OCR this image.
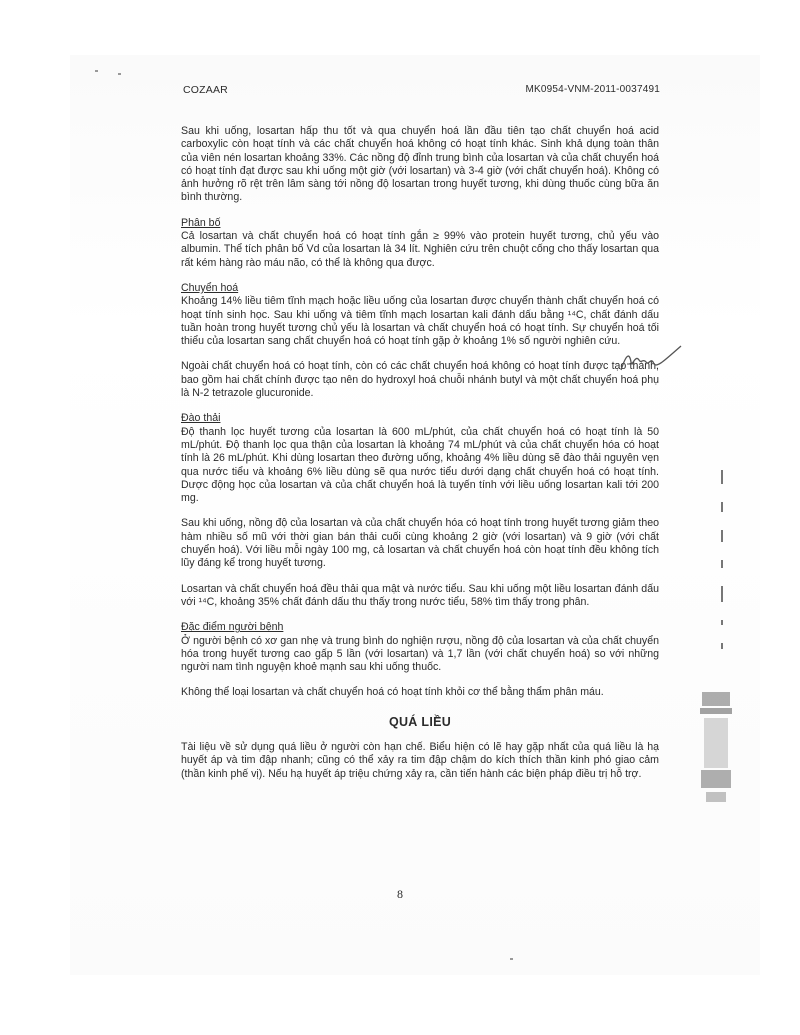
COZAAR	MK0954-VNM-2011-0037491

Sau khi uống, losartan hấp thu tốt và qua chuyển hoá lần đầu tiên tạo chất chuyển hoá acid carboxylic còn hoạt tính và các chất chuyển hoá không có hoạt tính khác. Sinh khả dụng toàn thân của viên nén losartan khoảng 33%. Các nồng độ đỉnh trung bình của losartan và của chất chuyển hoá có hoạt tính đạt được sau khi uống một giờ (với losartan) và 3-4 giờ (với chất chuyển hoá). Không có ảnh hưởng rõ rệt trên lâm sàng tới nồng độ losartan trong huyết tương, khi dùng thuốc cùng bữa ăn bình thường.

Phân bố

Cả losartan và chất chuyển hoá có hoạt tính gắn ≥ 99% vào protein huyết tương, chủ yếu vào albumin. Thể tích phân bố Vd của losartan là 34 lít. Nghiên cứu trên chuột cống cho thấy losartan qua rất kém hàng rào máu não, có thể là không qua được.

Chuyển hoá

Khoảng 14% liều tiêm tĩnh mạch hoặc liều uống của losartan được chuyển thành chất chuyển hoá có hoạt tính sinh học. Sau khi uống và tiêm tĩnh mạch losartan kali đánh dấu bằng ¹⁴C, chất đánh dấu tuần hoàn trong huyết tương chủ yếu là losartan và chất chuyển hoá có hoạt tính. Sự chuyển hoá tối thiểu của losartan sang chất chuyển hoá có hoạt tính gặp ở khoảng 1% số người nghiên cứu.

Ngoài chất chuyển hoá có hoạt tính, còn có các chất chuyển hoá không có hoạt tính được tạo thành, bao gồm hai chất chính được tạo nên do hydroxyl hoá chuỗi nhánh butyl và một chất chuyển hoá phụ là N-2 tetrazole glucuronide.

Đào thải

Độ thanh lọc huyết tương của losartan là 600 mL/phút, của chất chuyển hoá có hoạt tính là 50 mL/phút. Độ thanh lọc qua thận của losartan là khoảng 74 mL/phút và của chất chuyển hóa có hoạt tính là 26 mL/phút. Khi dùng losartan theo đường uống, khoảng 4% liều dùng sẽ đào thải nguyên vẹn qua nước tiểu và khoảng 6% liều dùng sẽ qua nước tiểu dưới dạng chất chuyển hoá có hoạt tính. Dược động học của losartan và của chất chuyển hoá là tuyến tính với liều uống losartan kali tới 200 mg.

Sau khi uống, nồng độ của losartan và của chất chuyển hóa có hoạt tính trong huyết tương giảm theo hàm nhiều số mũ với thời gian bán thải cuối cùng khoảng 2 giờ (với losartan) và 9 giờ (với chất chuyển hoá). Với liều mỗi ngày 100 mg, cả losartan và chất chuyển hoá còn hoạt tính đều không tích lũy đáng kể trong huyết tương.

Losartan và chất chuyển hoá đều thải qua mật và nước tiểu. Sau khi uống một liều losartan đánh dấu với ¹⁴C, khoảng 35% chất đánh dấu thu thấy trong nước tiểu, 58% tìm thấy trong phân.

Đặc điểm người bệnh

Ở người bệnh có xơ gan nhẹ và trung bình do nghiện rượu, nồng độ của losartan và của chất chuyển hóa trong huyết tương cao gấp 5 lần (với losartan) và 1,7 lần (với chất chuyển hoá) so với những người nam tình nguyện khoẻ mạnh sau khi uống thuốc.

Không thể loại losartan và chất chuyển hoá có hoạt tính khỏi cơ thể bằng thẩm phân máu.

QUÁ LIỀU

Tài liệu về sử dụng quá liều ở người còn hạn chế. Biểu hiện có lẽ hay gặp nhất của quá liều là hạ huyết áp và tim đập nhanh; cũng có thể xảy ra tim đập chậm do kích thích thần kinh phó giao cảm (thần kinh phế vị). Nếu hạ huyết áp triệu chứng xảy ra, cần tiến hành các biện pháp điều trị hỗ trợ.

8
